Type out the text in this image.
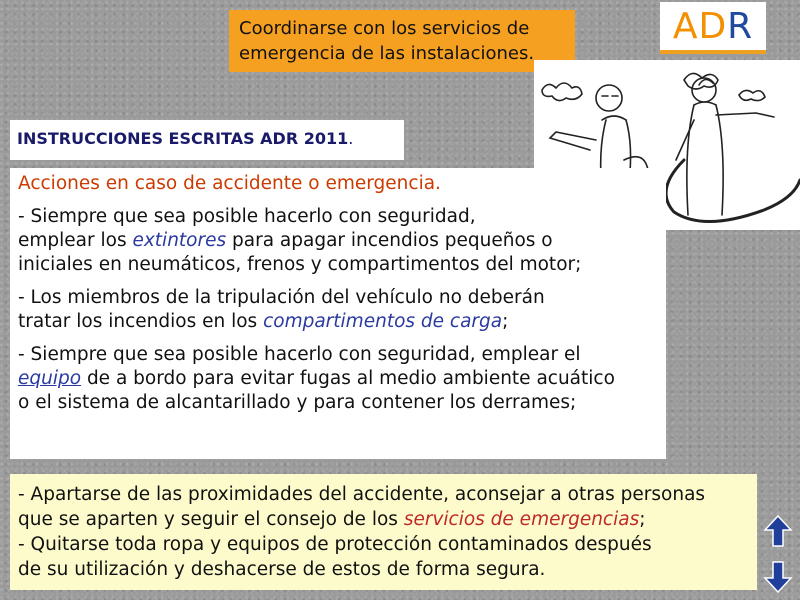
Coordinarse con los servicios de
emergencia de las instalaciones.
AD R
INSTRUCCIONES ESCRITAS ADR 2011.
Acciones en caso de accidente o emergencia.

- Siempre que sea posible hacerlo con seguridad,
emplear los extintores para apagar incendios pequeños o
iniciales en neumáticos, frenos y compartimentos del motor;

- Los miembros de la tripulación del vehículo no deberán
tratar los incendios en los compartimentos de carga;

- Siempre que sea posible hacerlo con seguridad, emplear el
equipo de a bordo para evitar fugas al medio ambiente acuático
o el sistema de alcantarillado y para contener los derrames;

- Apartarse de las proximidades del accidente, aconsejar a otras personas
que se aparten y seguir el consejo de los servicios de emergencias;
- Quitarse toda ropa y equipos de protección contaminados después
de su utilización y deshacerse de estos de forma segura.
